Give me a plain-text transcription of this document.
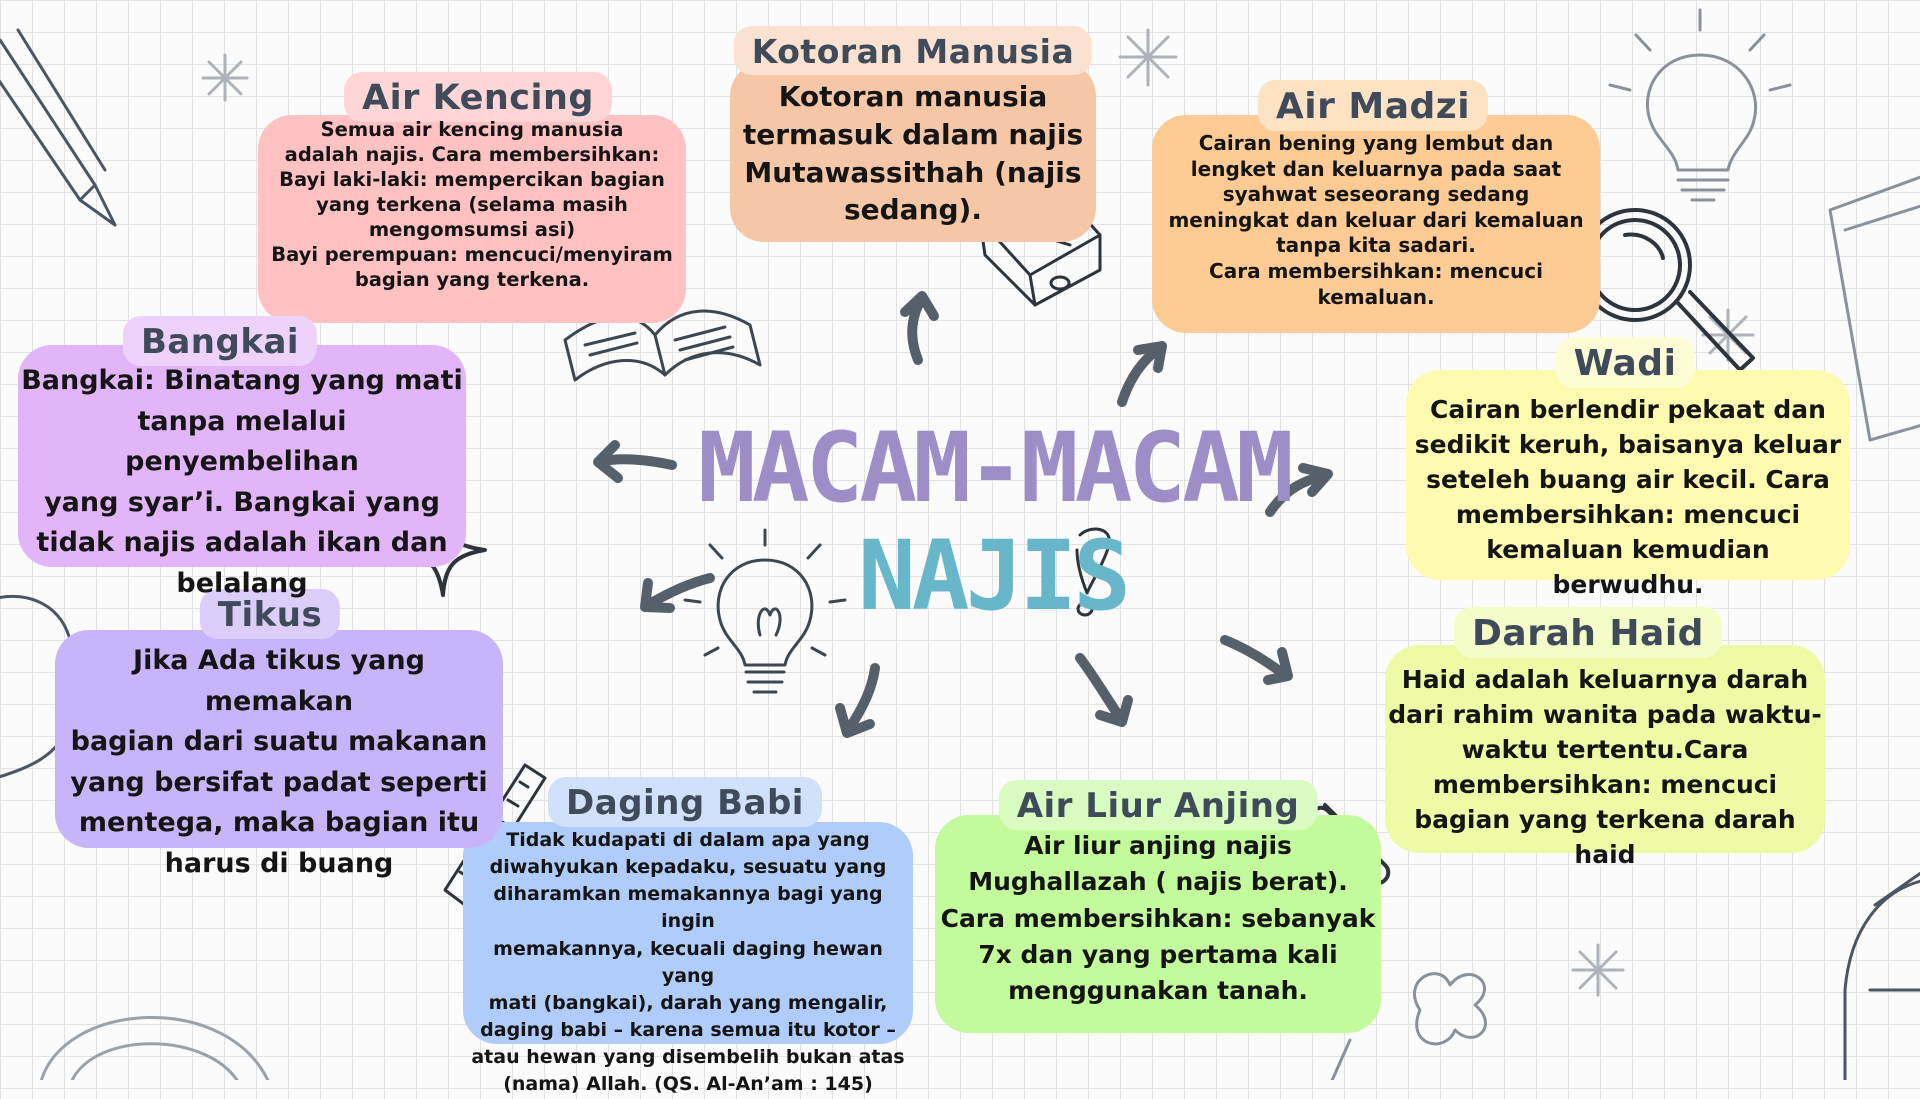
MACAM-MACAM
NAJIS
Air Kencing
Semua air kencing manusia
adalah najis. Cara membersihkan:
Bayi laki-laki: mempercikan bagian
yang terkena (selama masih
mengomsumsi asi)
Bayi perempuan: mencuci/menyiram
bagian yang terkena.
Kotoran Manusia
Kotoran manusia
termasuk dalam najis
Mutawassithah (najis
sedang).
Air Madzi
Cairan bening yang lembut dan
lengket dan keluarnya pada saat
syahwat seseorang sedang
meningkat dan keluar dari kemaluan
tanpa kita sadari.
Cara membersihkan: mencuci
kemaluan.
Wadi
Cairan berlendir pekaat dan
sedikit keruh, baisanya keluar
seteleh buang air kecil. Cara
membersihkan: mencuci
kemaluan kemudian berwudhu.
Darah Haid
Haid adalah keluarnya darah
dari rahim wanita pada waktu-
waktu tertentu.Cara
membersihkan: mencuci
bagian yang terkena darah haid
Air Liur Anjing
Air liur anjing najis
Mughallazah ( najis berat).
Cara membersihkan: sebanyak
7x dan yang pertama kali
menggunakan tanah.
Daging Babi
Tidak kudapati di dalam apa yang
diwahyukan kepadaku, sesuatu yang
diharamkan memakannya bagi yang ingin
memakannya, kecuali daging hewan yang
mati (bangkai), darah yang mengalir,
daging babi – karena semua itu kotor –
atau hewan yang disembelih bukan atas
(nama) Allah. (QS. Al-An’am : 145)
Tikus
Jika Ada tikus yang memakan
bagian dari suatu makanan
yang bersifat padat seperti
mentega, maka bagian itu
harus di buang
Bangkai
Bangkai: Binatang yang mati
tanpa melalui penyembelihan
yang syar’i. Bangkai yang
tidak najis adalah ikan dan
belalang
